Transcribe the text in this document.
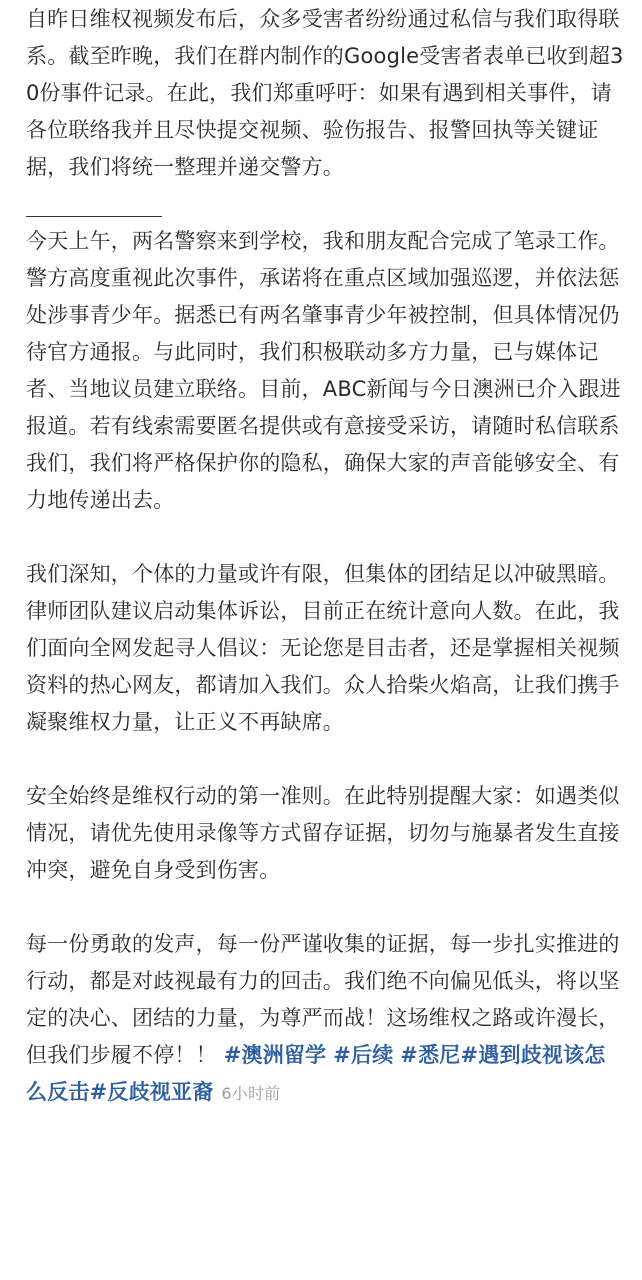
自昨日维权视频发布后，众多受害者纷纷通过私信与我们取得联系。截至昨晚，我们在群内制作的Google受害者表单已收到超30份事件记录。在此，我们郑重呼吁：如果有遇到相关事件，请各位联络我并且尽快提交视频、验伤报告、报警回执等关键证据，我们将统一整理并递交警方。

今天上午，两名警察来到学校，我和朋友配合完成了笔录工作。警方高度重视此次事件，承诺将在重点区域加强巡逻，并依法惩处涉事青少年。据悉已有两名肇事青少年被控制，但具体情况仍待官方通报。与此同时，我们积极联动多方力量，已与媒体记者、当地议员建立联络。目前，ABC新闻与今日澳洲已介入跟进报道。若有线索需要匿名提供或有意接受采访，请随时私信联系我们，我们将严格保护你的隐私，确保大家的声音能够安全、有力地传递出去。

我们深知，个体的力量或许有限，但集体的团结足以冲破黑暗。律师团队建议启动集体诉讼，目前正在统计意向人数。在此，我们面向全网发起寻人倡议：无论您是目击者，还是掌握相关视频资料的热心网友，都请加入我们。众人拾柴火焰高，让我们携手凝聚维权力量，让正义不再缺席。

安全始终是维权行动的第一准则。在此特别提醒大家：如遇类似情况，请优先使用录像等方式留存证据，切勿与施暴者发生直接冲突，避免自身受到伤害。

每一份勇敢的发声，每一份严谨收集的证据，每一步扎实推进的行动，都是对歧视最有力的回击。我们绝不向偏见低头，将以坚定的决心、团结的力量，为尊严而战！这场维权之路或许漫长，但我们步履不停！！ #澳洲留学 #后续 #悉尼#遇到歧视该怎么反击#反歧视亚裔 6小时前
